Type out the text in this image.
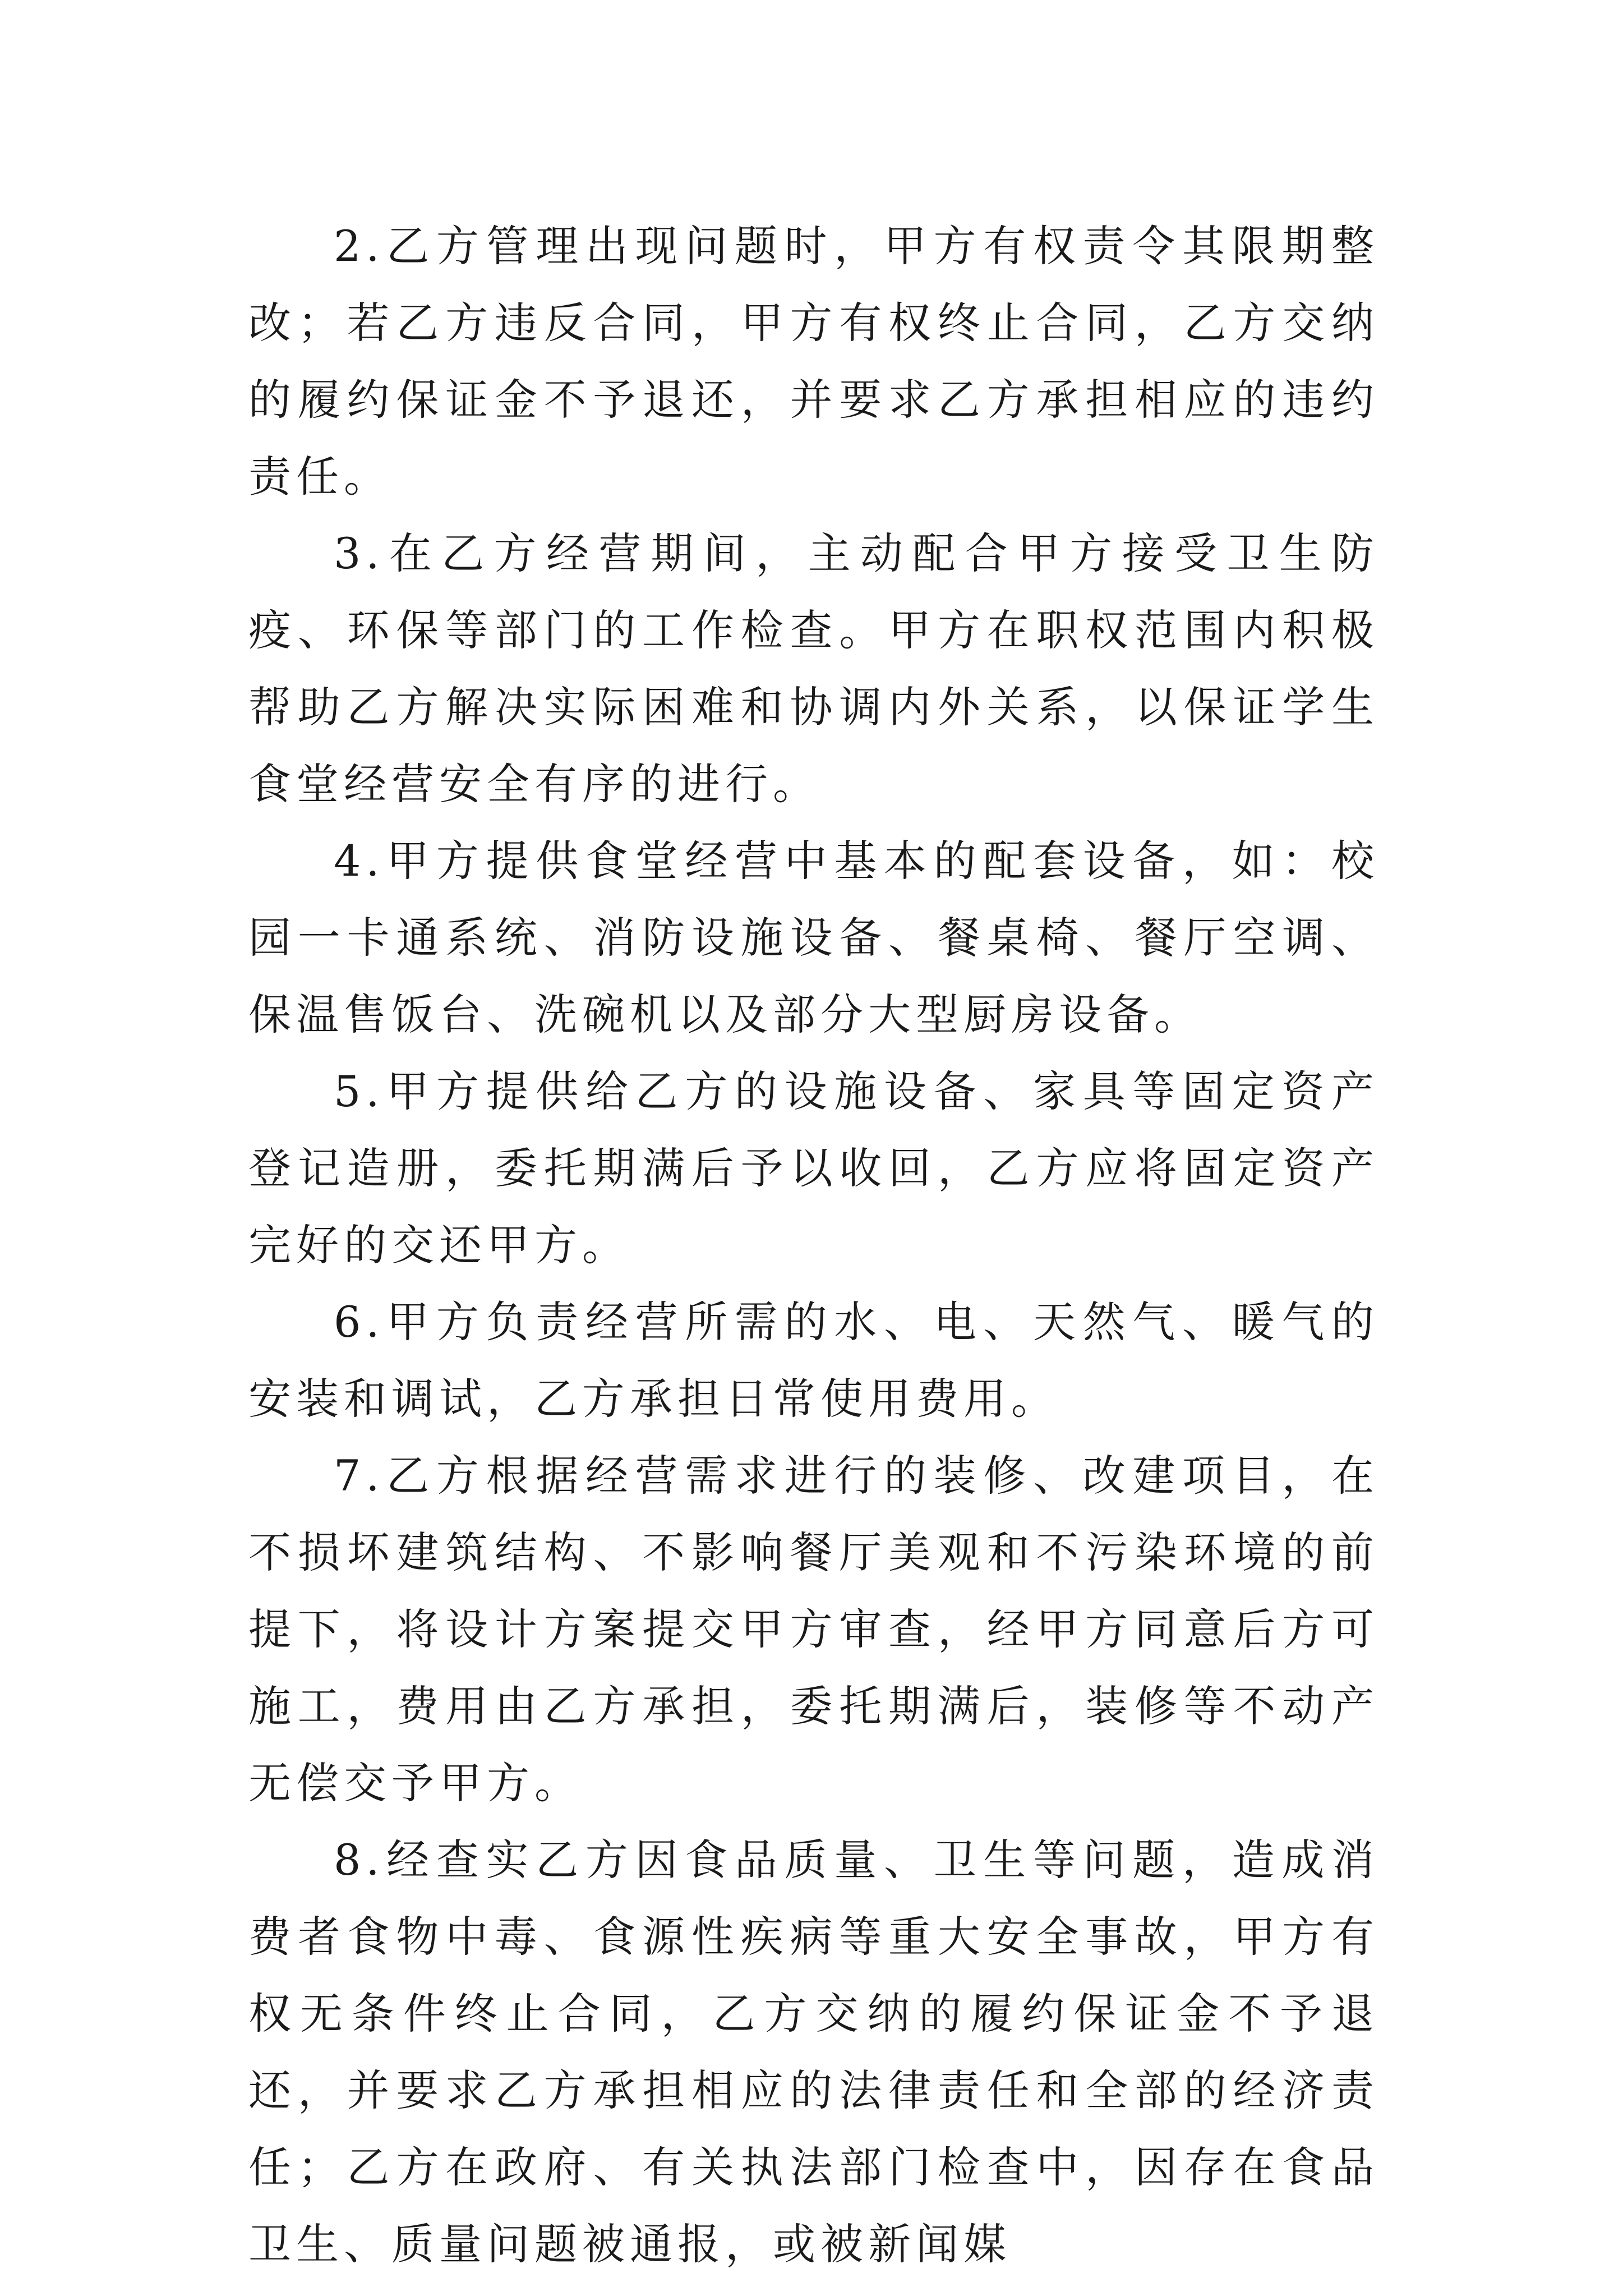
2.乙方管理出现问题时，甲方有权责令其限期整改；若乙方违反合同，甲方有权终止合同，乙方交纳的履约保证金不予退还，并要求乙方承担相应的违约责任。

3.在乙方经营期间，主动配合甲方接受卫生防疫、环保等部门的工作检查。甲方在职权范围内积极帮助乙方解决实际困难和协调内外关系，以保证学生食堂经营安全有序的进行。

4.甲方提供食堂经营中基本的配套设备，如：校园一卡通系统、消防设施设备、餐桌椅、餐厅空调、保温售饭台、洗碗机以及部分大型厨房设备。

5.甲方提供给乙方的设施设备、家具等固定资产登记造册，委托期满后予以收回，乙方应将固定资产完好的交还甲方。

6.甲方负责经营所需的水、电、天然气、暖气的安装和调试，乙方承担日常使用费用。

7.乙方根据经营需求进行的装修、改建项目，在不损坏建筑结构、不影响餐厅美观和不污染环境的前提下，将设计方案提交甲方审查，经甲方同意后方可施工，费用由乙方承担，委托期满后，装修等不动产无偿交予甲方。

8.经查实乙方因食品质量、卫生等问题，造成消费者食物中毒、食源性疾病等重大安全事故，甲方有权无条件终止合同，乙方交纳的履约保证金不予退还，并要求乙方承担相应的法律责任和全部的经济责任；乙方在政府、有关执法部门检查中，因存在食品卫生、质量问题被通报，或被新闻媒
